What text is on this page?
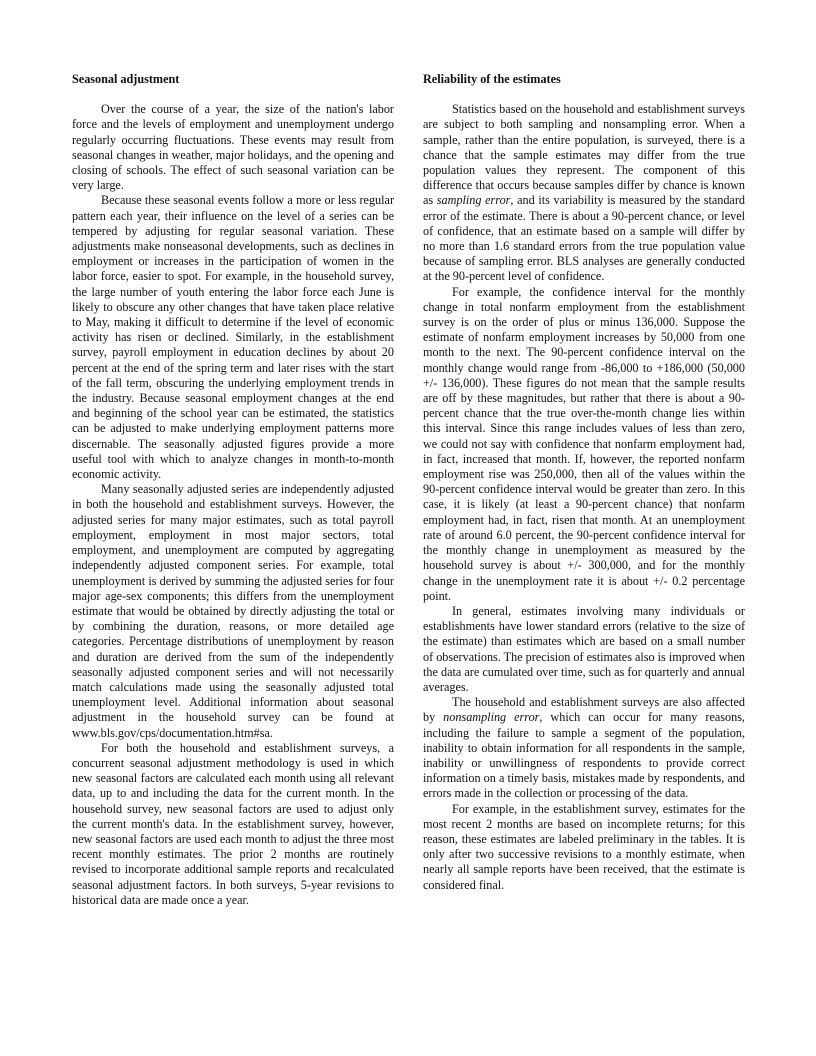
Seasonal adjustment

Over the course of a year, the size of the nation's labor force and the levels of employment and unemployment undergo regularly occurring fluctuations. These events may result from seasonal changes in weather, major holidays, and the opening and closing of schools. The effect of such seasonal variation can be very large.

Because these seasonal events follow a more or less regular pattern each year, their influence on the level of a series can be tempered by adjusting for regular seasonal variation. These adjustments make nonseasonal developments, such as declines in employment or increases in the participation of women in the labor force, easier to spot. For example, in the household survey, the large number of youth entering the labor force each June is likely to obscure any other changes that have taken place relative to May, making it difficult to determine if the level of economic activity has risen or declined. Similarly, in the establishment survey, payroll employment in education declines by about 20 percent at the end of the spring term and later rises with the start of the fall term, obscuring the underlying employment trends in the industry. Because seasonal employment changes at the end and beginning of the school year can be estimated, the statistics can be adjusted to make underlying employment patterns more discernable. The seasonally adjusted figures provide a more useful tool with which to analyze changes in month-to-month economic activity.

Many seasonally adjusted series are independently adjusted in both the household and establishment surveys. However, the adjusted series for many major estimates, such as total payroll employment, employment in most major sectors, total employment, and unemployment are computed by aggregating independently adjusted component series. For example, total unemployment is derived by summing the adjusted series for four major age-sex components; this differs from the unemployment estimate that would be obtained by directly adjusting the total or by combining the duration, reasons, or more detailed age categories. Percentage distributions of unemployment by reason and duration are derived from the sum of the independently seasonally adjusted component series and will not necessarily match calculations made using the seasonally adjusted total unemployment level. Additional information about seasonal adjustment in the household survey can be found at www.bls.gov/cps/documentation.htm#sa.

For both the household and establishment surveys, a concurrent seasonal adjustment methodology is used in which new seasonal factors are calculated each month using all relevant data, up to and including the data for the current month. In the household survey, new seasonal factors are used to adjust only the current month's data. In the establishment survey, however, new seasonal factors are used each month to adjust the three most recent monthly estimates. The prior 2 months are routinely revised to incorporate additional sample reports and recalculated seasonal adjustment factors. In both surveys, 5-year revisions to historical data are made once a year.

Reliability of the estimates

Statistics based on the household and establishment surveys are subject to both sampling and nonsampling error. When a sample, rather than the entire population, is surveyed, there is a chance that the sample estimates may differ from the true population values they represent. The component of this difference that occurs because samples differ by chance is known as sampling error, and its variability is measured by the standard error of the estimate. There is about a 90-percent chance, or level of confidence, that an estimate based on a sample will differ by no more than 1.6 standard errors from the true population value because of sampling error. BLS analyses are generally conducted at the 90-percent level of confidence.

For example, the confidence interval for the monthly change in total nonfarm employment from the establishment survey is on the order of plus or minus 136,000. Suppose the estimate of nonfarm employment increases by 50,000 from one month to the next. The 90-percent confidence interval on the monthly change would range from -86,000 to +186,000 (50,000 +/- 136,000). These figures do not mean that the sample results are off by these magnitudes, but rather that there is about a 90-percent chance that the true over-the-month change lies within this interval. Since this range includes values of less than zero, we could not say with confidence that nonfarm employment had, in fact, increased that month. If, however, the reported nonfarm employment rise was 250,000, then all of the values within the 90-percent confidence interval would be greater than zero. In this case, it is likely (at least a 90-percent chance) that nonfarm employment had, in fact, risen that month. At an unemployment rate of around 6.0 percent, the 90-percent confidence interval for the monthly change in unemployment as measured by the household survey is about +/- 300,000, and for the monthly change in the unemployment rate it is about +/- 0.2 percentage point.

In general, estimates involving many individuals or establishments have lower standard errors (relative to the size of the estimate) than estimates which are based on a small number of observations. The precision of estimates also is improved when the data are cumulated over time, such as for quarterly and annual averages.

The household and establishment surveys are also affected by nonsampling error, which can occur for many reasons, including the failure to sample a segment of the population, inability to obtain information for all respondents in the sample, inability or unwillingness of respondents to provide correct information on a timely basis, mistakes made by respondents, and errors made in the collection or processing of the data.

For example, in the establishment survey, estimates for the most recent 2 months are based on incomplete returns; for this reason, these estimates are labeled preliminary in the tables. It is only after two successive revisions to a monthly estimate, when nearly all sample reports have been received, that the estimate is considered final.
